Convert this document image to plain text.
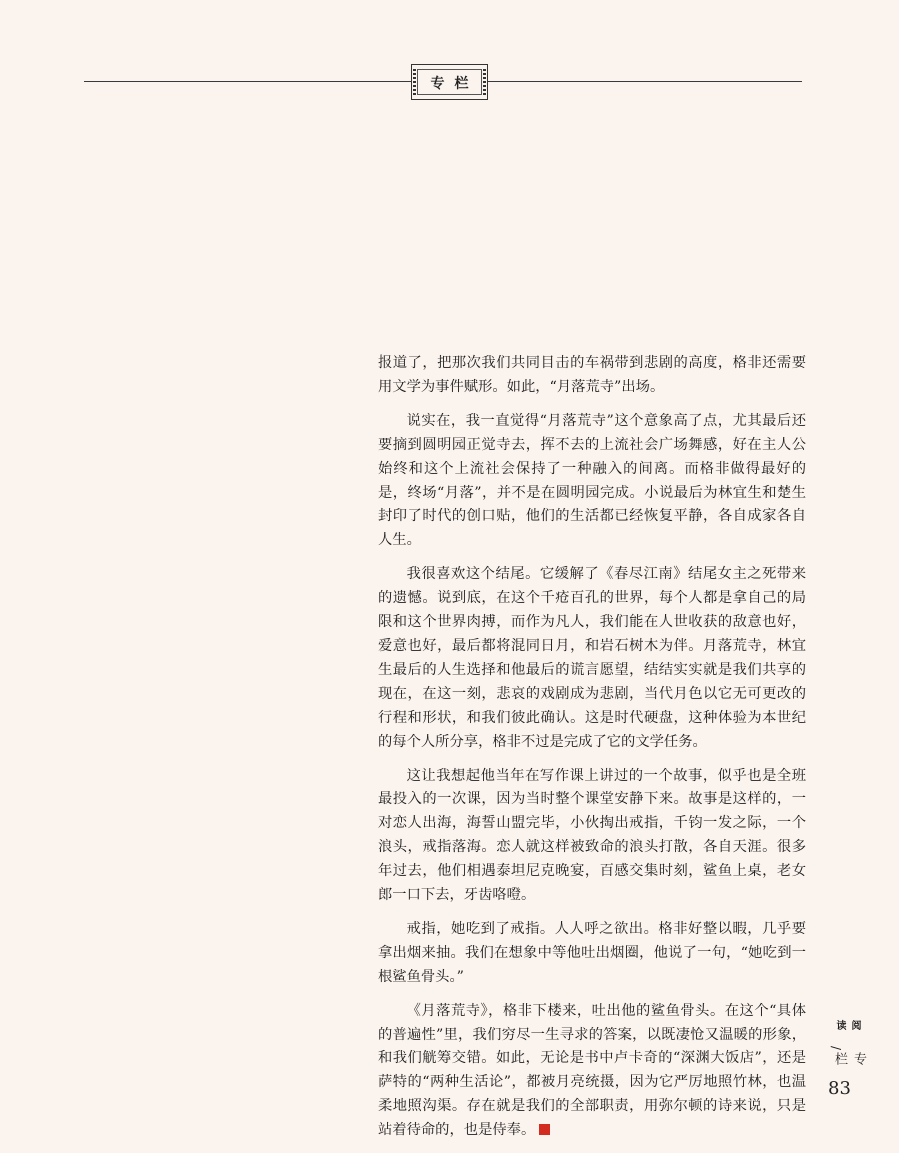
专栏

报道了，把那次我们共同目击的车祸带到悲剧的高度，格非还需要用文学为事件赋形。如此，“月落荒寺”出场。

说实在，我一直觉得“月落荒寺”这个意象高了点，尤其最后还要摘到圆明园正觉寺去，挥不去的上流社会广场舞感，好在主人公始终和这个上流社会保持了一种融入的间离。而格非做得最好的是，终场“月落”，并不是在圆明园完成。小说最后为林宜生和楚生封印了时代的创口贴，他们的生活都已经恢复平静，各自成家各自人生。

我很喜欢这个结尾。它缓解了《春尽江南》结尾女主之死带来的遗憾。说到底，在这个千疮百孔的世界，每个人都是拿自己的局限和这个世界肉搏，而作为凡人，我们能在人世收获的敌意也好，爱意也好，最后都将混同日月，和岩石树木为伴。月落荒寺，林宜生最后的人生选择和他最后的谎言愿望，结结实实就是我们共享的现在，在这一刻，悲哀的戏剧成为悲剧，当代月色以它无可更改的行程和形状，和我们彼此确认。这是时代硬盘，这种体验为本世纪的每个人所分享，格非不过是完成了它的文学任务。

这让我想起他当年在写作课上讲过的一个故事，似乎也是全班最投入的一次课，因为当时整个课堂安静下来。故事是这样的，一对恋人出海，海誓山盟完毕，小伙掏出戒指，千钧一发之际，一个浪头，戒指落海。恋人就这样被致命的浪头打散，各自天涯。很多年过去，他们相遇泰坦尼克晚宴，百感交集时刻，鲨鱼上桌，老女郎一口下去，牙齿咯噔。

戒指，她吃到了戒指。人人呼之欲出。格非好整以暇，几乎要拿出烟来抽。我们在想象中等他吐出烟圈，他说了一句，“她吃到一根鲨鱼骨头。”

《月落荒寺》，格非下楼来，吐出他的鲨鱼骨头。在这个“具体的普遍性”里，我们穷尽一生寻求的答案，以既凄怆又温暖的形象，和我们觥筹交错。如此，无论是书中卢卡奇的“深渊大饭店”，还是萨特的“两种生活论”，都被月亮统摄，因为它严厉地照竹林，也温柔地照沟渠。存在就是我们的全部职责，用弥尔顿的诗来说，只是站着待命的，也是侍奉。

阅读
/
专栏
83
